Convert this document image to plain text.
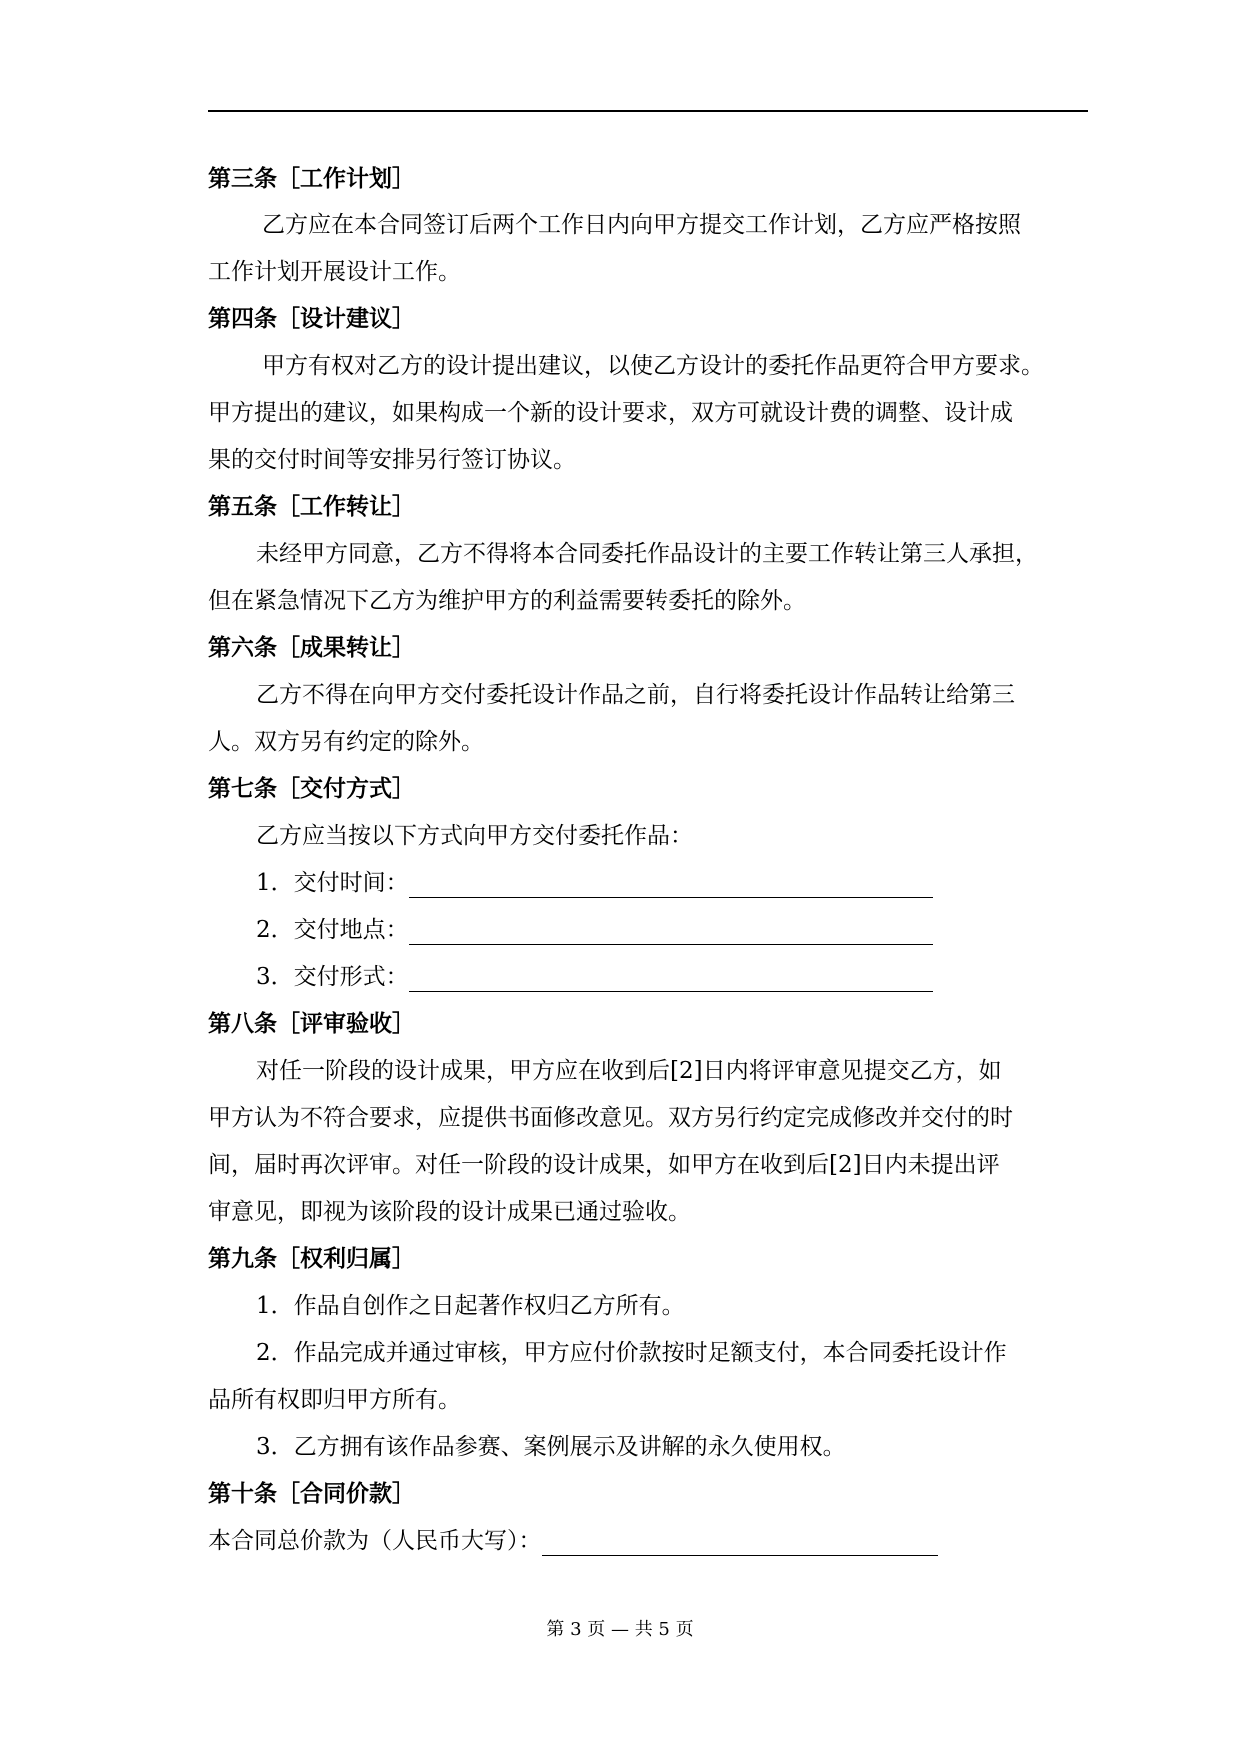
第三条［工作计划］
乙方应在本合同签订后两个工作日内向甲方提交工作计划，乙方应严格按照
工作计划开展设计工作。
第四条［设计建议］
甲方有权对乙方的设计提出建议，以使乙方设计的委托作品更符合甲方要求。
甲方提出的建议，如果构成一个新的设计要求，双方可就设计费的调整、设计成
果的交付时间等安排另行签订协议。
第五条［工作转让］
未经甲方同意，乙方不得将本合同委托作品设计的主要工作转让第三人承担，
但在紧急情况下乙方为维护甲方的利益需要转委托的除外。
第六条［成果转让］
乙方不得在向甲方交付委托设计作品之前，自行将委托设计作品转让给第三
人。双方另有约定的除外。
第七条［交付方式］
乙方应当按以下方式向甲方交付委托作品：
1．交付时间：
2．交付地点：
3．交付形式：
第八条［评审验收］
对任一阶段的设计成果，甲方应在收到后[2]日内将评审意见提交乙方，如
甲方认为不符合要求，应提供书面修改意见。双方另行约定完成修改并交付的时
间，届时再次评审。对任一阶段的设计成果，如甲方在收到后[2]日内未提出评
审意见，即视为该阶段的设计成果已通过验收。
第九条［权利归属］
1．作品自创作之日起著作权归乙方所有。
2．作品完成并通过审核，甲方应付价款按时足额支付，本合同委托设计作
品所有权即归甲方所有。
3．乙方拥有该作品参赛、案例展示及讲解的永久使用权。
第十条［合同价款］
本合同总价款为（人民币大写）：
第 3 页 — 共 5 页
